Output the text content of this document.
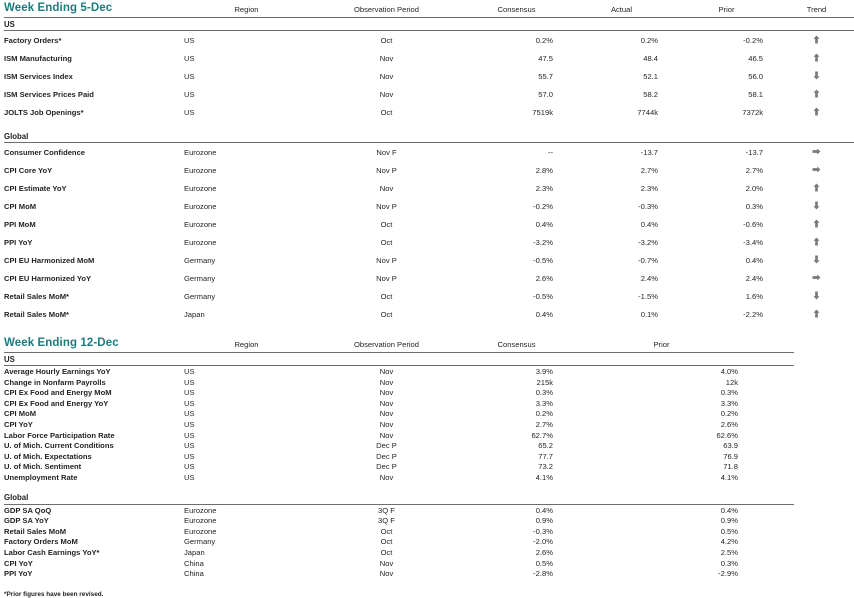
Week Ending 5-Dec	Region	Observation Period	Consensus	Actual	Prior	Trend
US						
Factory Orders*	US	Oct	0.2%	0.2%	-0.2%	

ISM Manufacturing	US	Nov	47.5	48.4	46.5	

ISM Services Index	US	Nov	55.7	52.1	56.0	

ISM Services Prices Paid	US	Nov	57.0	58.2	58.1	

JOLTS Job Openings*	US	Oct	7519k	7744k	7372k	

Global						
Consumer Confidence	Eurozone	Nov F	--	-13.7	-13.7	

CPI Core YoY	Eurozone	Nov P	2.8%	2.7%	2.7%	

CPI Estimate YoY	Eurozone	Nov	2.3%	2.3%	2.0%	

CPI MoM	Eurozone	Nov P	-0.2%	-0.3%	0.3%	

PPI MoM	Eurozone	Oct	0.4%	0.4%	-0.6%	

PPI YoY	Eurozone	Oct	-3.2%	-3.2%	-3.4%	

CPI EU Harmonized MoM	Germany	Nov P	-0.5%	-0.7%	0.4%	

CPI EU Harmonized YoY	Germany	Nov P	2.6%	2.4%	2.4%	

Retail Sales MoM*	Germany	Oct	-0.5%	-1.5%	1.6%	

Retail Sales MoM*	Japan	Oct	0.4%	0.1%	-2.2%	
Week Ending 12-Dec	Region	Observation Period	Consensus	Prior
US				
Average Hourly Earnings YoY	US	Nov	3.9%	4.0%
Change in Nonfarm Payrolls	US	Nov	215k	12k
CPI Ex Food and Energy MoM	US	Nov	0.3%	0.3%
CPI Ex Food and Energy YoY	US	Nov	3.3%	3.3%
CPI MoM	US	Nov	0.2%	0.2%
CPI YoY	US	Nov	2.7%	2.6%
Labor Force Participation Rate	US	Nov	62.7%	62.6%
U. of Mich. Current Conditions	US	Dec P	65.2	63.9
U. of Mich. Expectations	US	Dec P	77.7	76.9
U. of Mich. Sentiment	US	Dec P	73.2	71.8
Unemployment Rate	US	Nov	4.1%	4.1%

Global				
GDP SA QoQ	Eurozone	3Q F	0.4%	0.4%
GDP SA YoY	Eurozone	3Q F	0.9%	0.9%
Retail Sales MoM	Eurozone	Oct	-0.3%	0.5%
Factory Orders MoM	Germany	Oct	-2.0%	4.2%
Labor Cash Earnings YoY*	Japan	Oct	2.6%	2.5%
CPI YoY	China	Nov	0.5%	0.3%
PPI YoY	China	Nov	-2.8%	-2.9%
*Prior figures have been revised.
